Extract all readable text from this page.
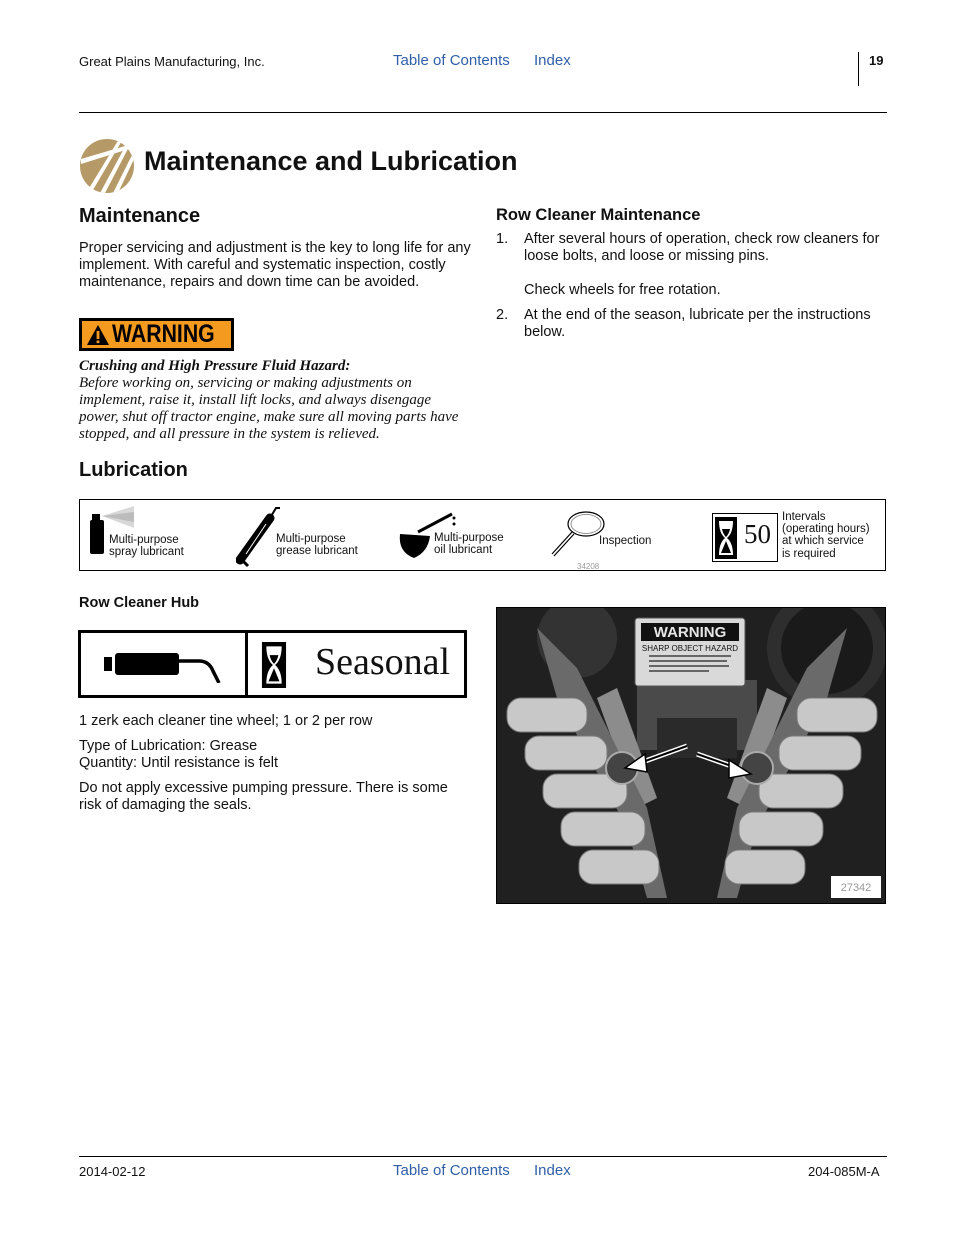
Great Plains Manufacturing, Inc.	Table of Contents Index	19
Maintenance and Lubrication
Maintenance
Proper servicing and adjustment is the key to long life for any implement. With careful and systematic inspection, costly maintenance, repairs and down time can be avoided.
WARNING
Crushing and High Pressure Fluid Hazard:
Before working on, servicing or making adjustments on implement, raise it, install lift locks, and always disengage power, shut off tractor engine, make sure all moving parts have stopped, and all pressure in the system is relieved.
Row Cleaner Maintenance
1. After several hours of operation, check row cleaners for loose bolts, and loose or missing pins.
Check wheels for free rotation.
2. At the end of the season, lubricate per the instructions below.
Lubrication
Multi-purpose
spray lubricant
Multi-purpose
grease lubricant
Multi-purpose
oil lubricant
Inspection
34208
50
Intervals
(operating hours)
at which service
is required
Row Cleaner Hub
Seasonal
1 zerk each cleaner tine wheel; 1 or 2 per row
Type of Lubrication: Grease
Quantity: Until resistance is felt
Do not apply excessive pumping pressure. There is some risk of damaging the seals.
WARNING
SHARP OBJECT HAZARD
27342
2014-02-12	Table of Contents Index	204-085M-A
